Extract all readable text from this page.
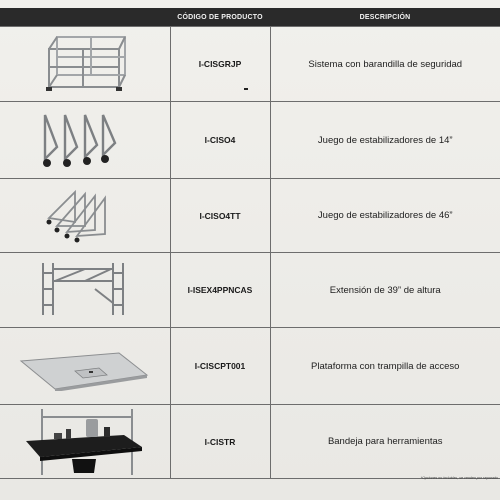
	CÓDIGO DE PRODUCTO	DESCRIPCIÓN

	I-CISGRJP	Sistema con barandilla de seguridad

	I-CISO4	Juego de estabilizadores de 14”

	I-CISO4TT	Juego de estabilizadores de 46”

	I-ISEX4PPNCAS	Extensión de 39” de altura

	I-CISCPT001	Plataforma con trampilla de acceso

	I-CISTR	Bandeja para herramientas
*Opciones no incluidas, se venden por separado
